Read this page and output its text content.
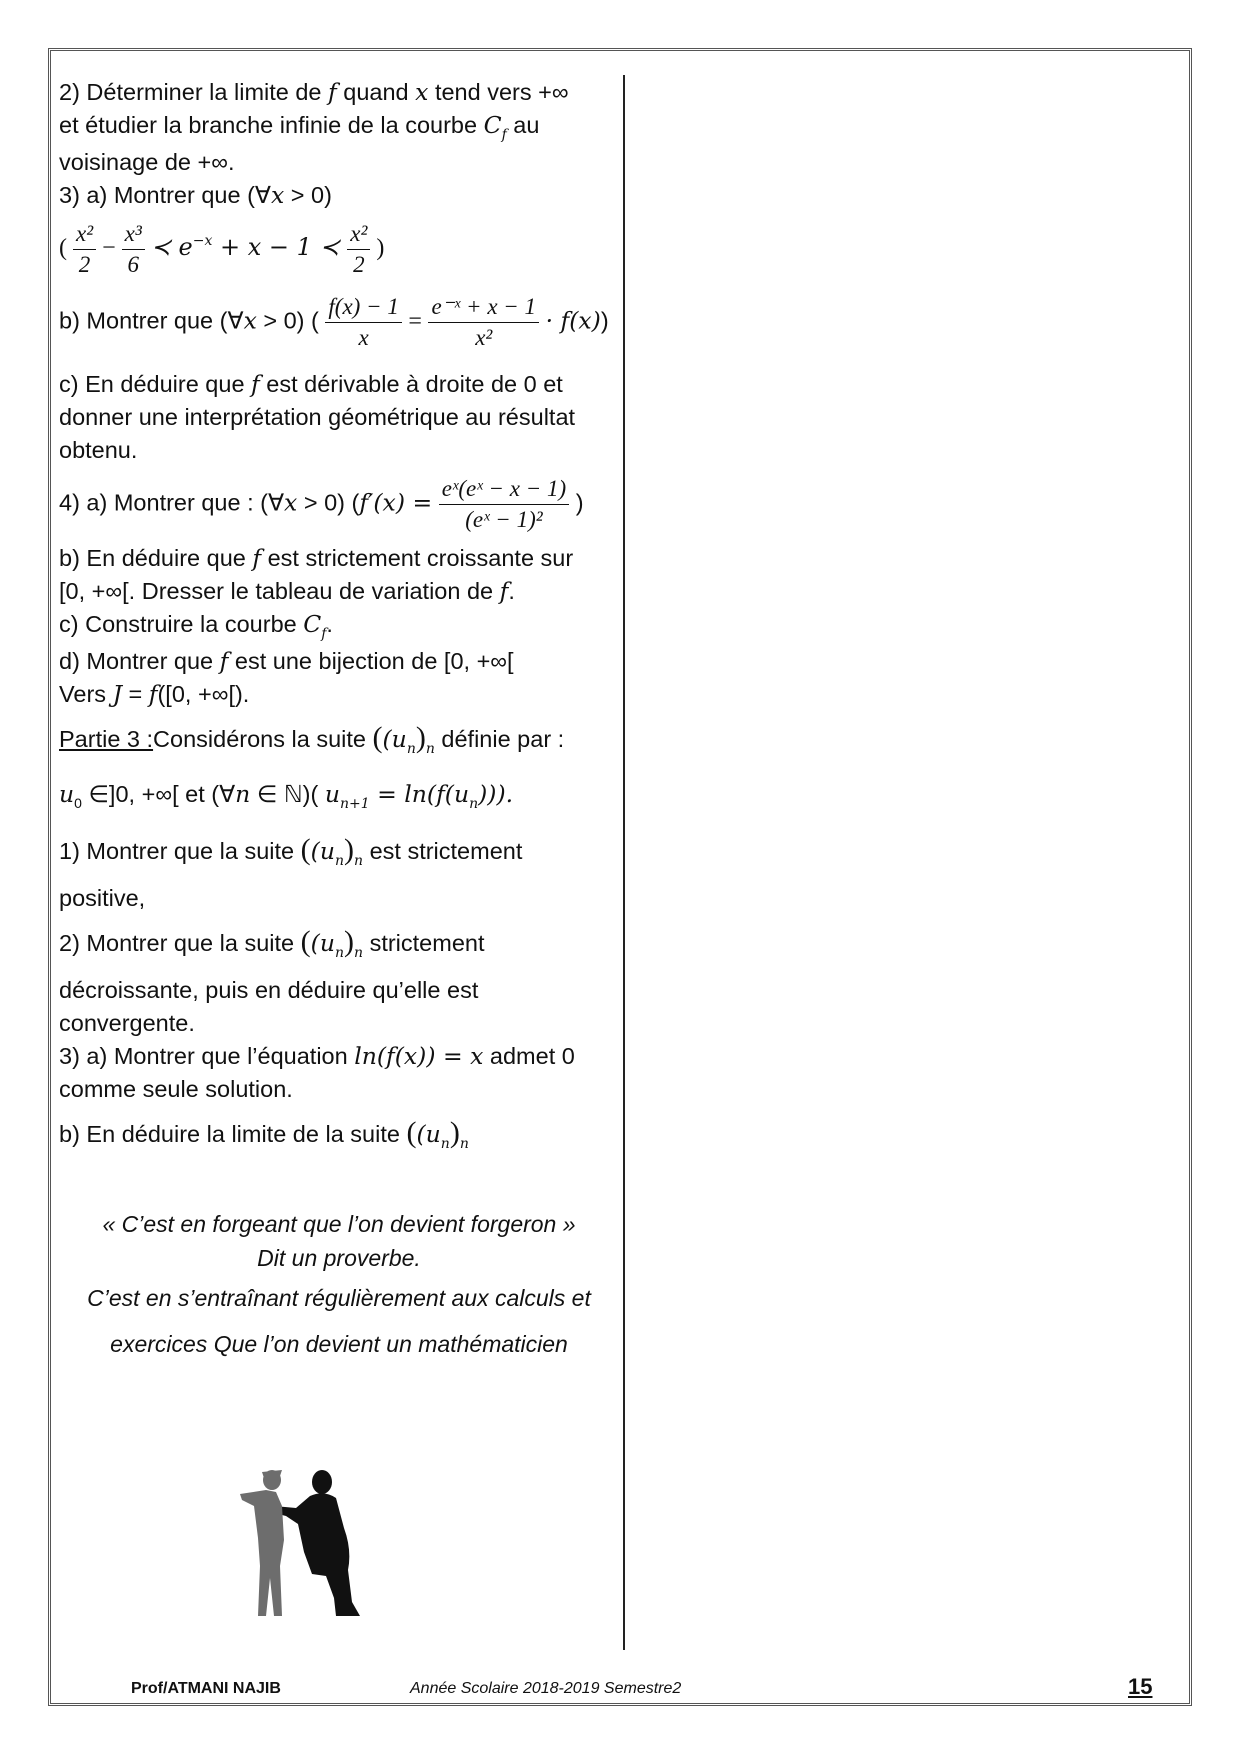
2) Déterminer la limite de f quand x tend vers +∞

et étudier la branche infinie de la courbe $C_f$ au

voisinage de +∞.

3) a) Montrer que (∀x > 0)

( $\frac{\text{x²}}{2} - \frac{\text{x³}}{6}$ ≺ $e^{-x} + x - 1$ ≺ $\frac{\text{x²}}{2}$ )

b) Montrer que (∀x > 0) ( $\frac{f(x) - 1}{x} = \frac{\text{e⁻ˣ + x − 1}}{\text{x²}} \cdot f(x)$)

c) En déduire que f est dérivable à droite de 0 et

donner une interprétation géométrique au résultat

obtenu.

4) a) Montrer que : (∀x > 0) ($f'(x) = \frac{\text{eˣ(eˣ − x − 1)}}{\text{(eˣ − 1)²}}$ )

b) En déduire que f est strictement croissante sur

[0, +∞[. Dresser le tableau de variation de f.

c) Construire la courbe $C_f$.

d) Montrer que f est une bijection de [0, +∞[

Vers J = f([0, +∞[).

Partie 3 :Considérons la suite ($(u_n)_n$ définie par :

$u_0$ ∈]0, +∞[ et (∀n ∈ ℕ)( $u_{n+1} = \ln(f(u_n))$).

1) Montrer que la suite ($(u_n)_n$ est strictement

positive,

2) Montrer que la suite ($(u_n)_n$ strictement

décroissante, puis en déduire qu’elle est

convergente.

3) a) Montrer que l’équation ln(f(x)) = x admet 0

comme seule solution.

b) En déduire la limite de la suite ($(u_n)_n$

« C’est en forgeant que l’on devient forgeron »
Dit un proverbe.
C’est en s’entraînant régulièrement aux calculs et
exercices Que l’on devient un mathématicien
Prof/ATMANI NAJIB	Année Scolaire 2018-2019 Semestre2	15
